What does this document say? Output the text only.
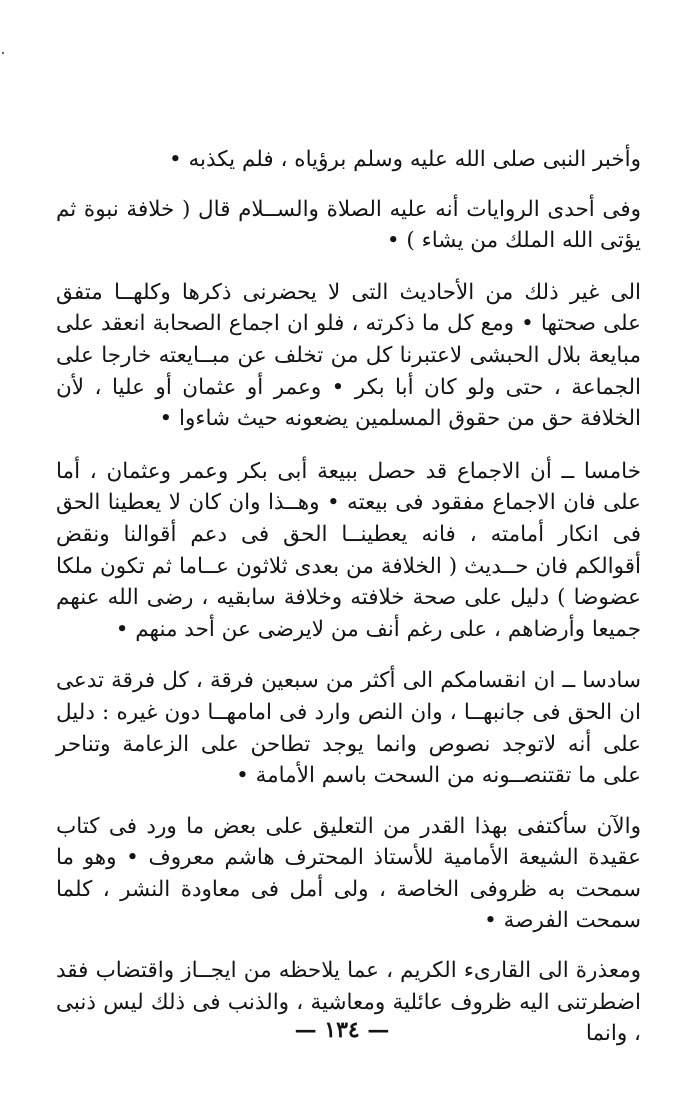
وأخبر النبى صلى الله عليه وسلم برؤياه ، فلم يكذبه •

وفى أحدى الروايات أنه عليه الصلاة والســلام قال ( خلافة نبوة ثم يؤتى الله الملك من يشاء ) •

الى غير ذلك من الأحاديث التى لا يحضرنى ذكرها وكلهــا متفق على صحتها • ومع كل ما ذكرته ، فلو ان اجماع الصحابة انعقد على مبايعة بلال الحبشى لاعتبرنا كل من تخلف عن مبــايعته خارجا على الجماعة ، حتى ولو كان أبا بكر • وعمر أو عثمان أو عليا ، لأن الخلافة حق من حقوق المسلمين يضعونه حيث شاءوا •

خامسا ــ أن الاجماع قد حصل ببيعة أبى بكر وعمر وعثمان ، أما على فان الاجماع مفقود فى بيعته • وهــذا وان كان لا يعطينا الحق فى انكار أمامته ، فانه يعطينــا الحق فى دعم أقوالنا ونقض أقوالكم فان حــديث ( الخلافة من بعدى ثلاثون عــاما ثم تكون ملكا عضوضا ) دليل على صحة خلافته وخلافة سابقيه ، رضى الله عنهم جميعا وأرضاهم ، على رغم أنف من لايرضى عن أحد منهم •

سادسا ــ ان انقسامكم الى أكثر من سبعين فرقة ، كل فرقة تدعى ان الحق فى جانبهــا ، وان النص وارد فى امامهــا دون غيره : دليل على أنه لاتوجد نصوص وانما يوجد تطاحن على الزعامة وتناحر على ما تقتنصــونه من السحت باسم الأمامة •

والآن سأكتفى بهذا القدر من التعليق على بعض ما ورد فى كتاب عقيدة الشيعة الأمامية للأستاذ المحترف هاشم معروف • وهو ما سمحت به ظروفى الخاصة ، ولى أمل فى معاودة النشر ، كلما سمحت الفرصة •

ومعذرة الى القارىء الكريم ، عما يلاحظه من ايجــاز واقتضاب فقد اضطرتنى اليه ظروف عائلية ومعاشية ، والذنب فى ذلك ليس ذنبى ، وانما

— ١٣٤ —
